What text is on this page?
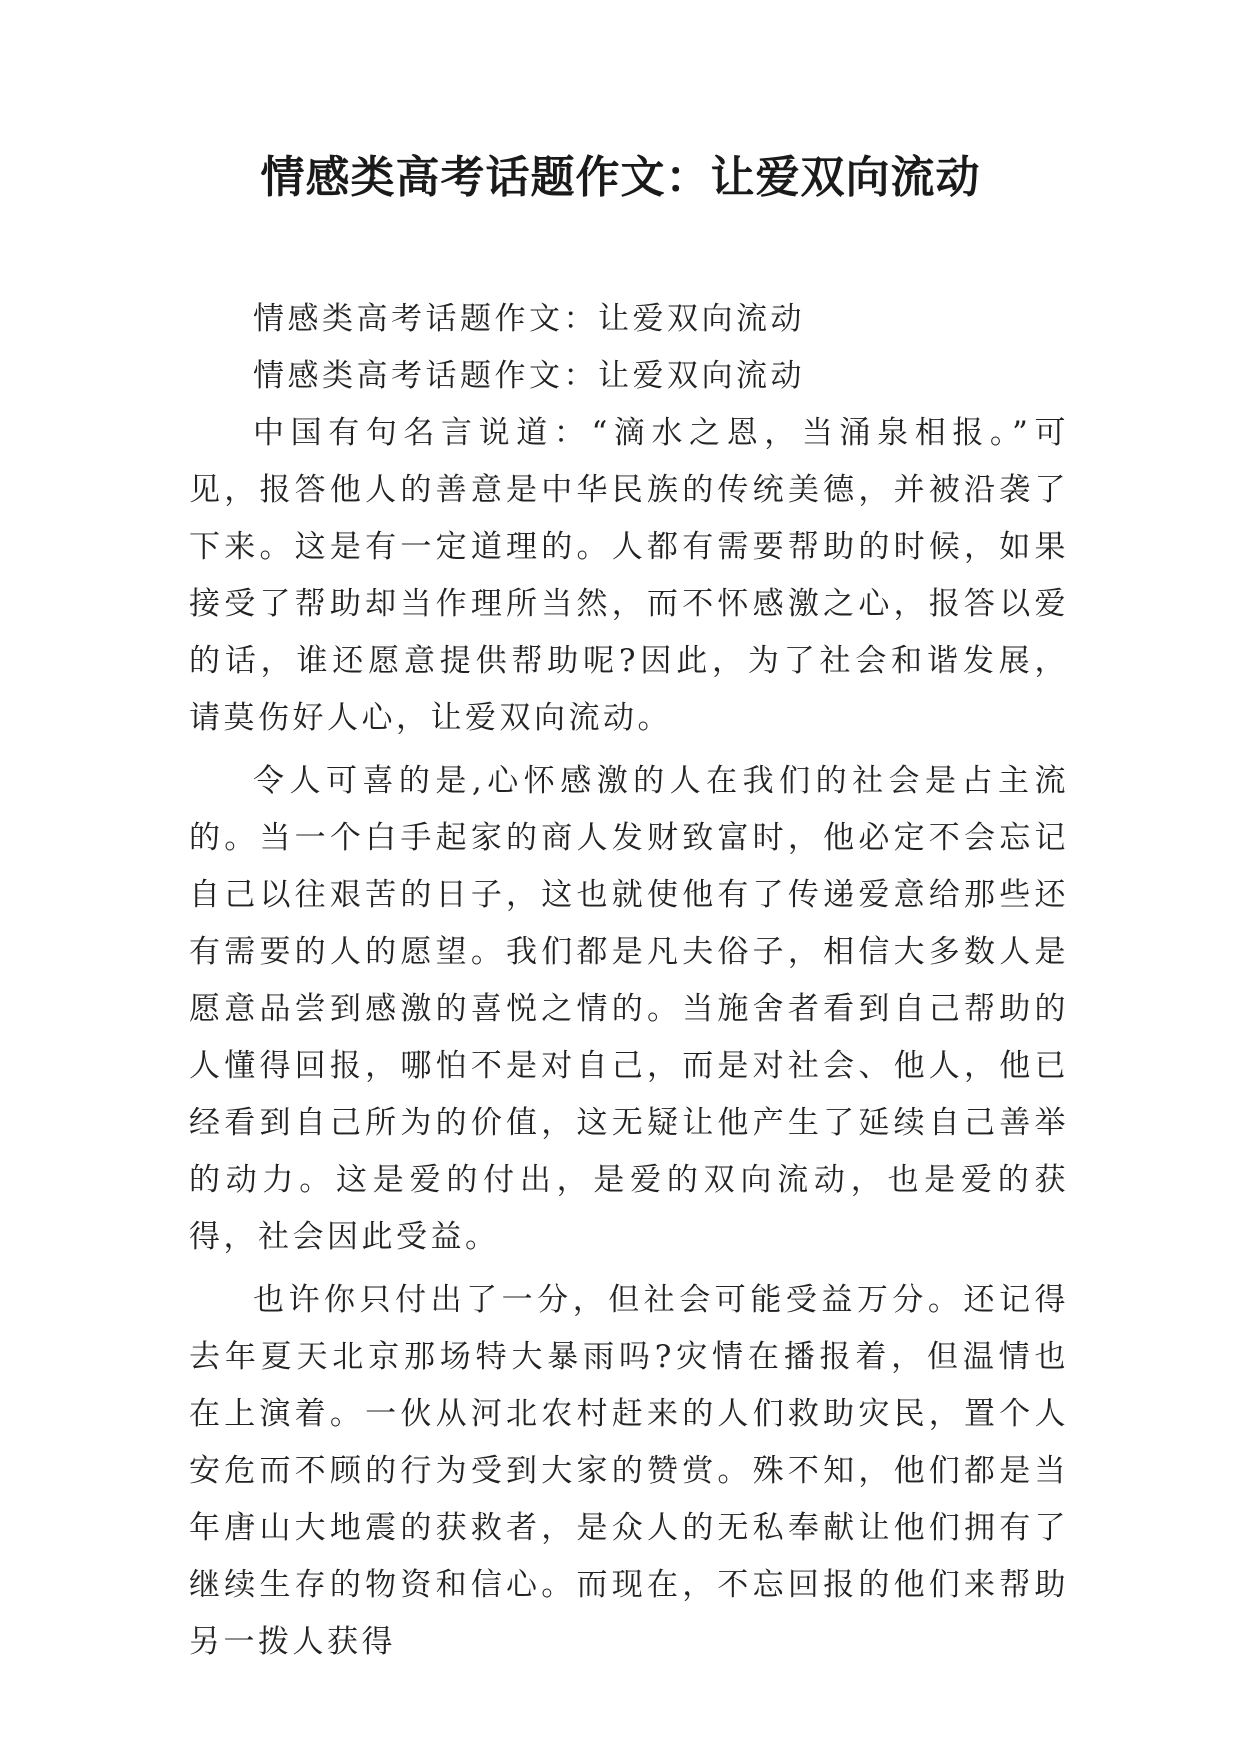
情感类高考话题作文：让爱双向流动

情感类高考话题作文：让爱双向流动

情感类高考话题作文：让爱双向流动

中国有句名言说道：“滴水之恩，当涌泉相报。”可见，报答他人的善意是中华民族的传统美德，并被沿袭了下来。这是有一定道理的。人都有需要帮助的时候，如果接受了帮助却当作理所当然，而不怀感激之心，报答以爱的话，谁还愿意提供帮助呢?因此，为了社会和谐发展，请莫伤好人心，让爱双向流动。

令人可喜的是,心怀感激的人在我们的社会是占主流的。当一个白手起家的商人发财致富时，他必定不会忘记自己以往艰苦的日子，这也就使他有了传递爱意给那些还有需要的人的愿望。我们都是凡夫俗子，相信大多数人是愿意品尝到感激的喜悦之情的。当施舍者看到自己帮助的人懂得回报，哪怕不是对自己，而是对社会、他人，他已经看到自己所为的价值，这无疑让他产生了延续自己善举的动力。这是爱的付出，是爱的双向流动，也是爱的获得，社会因此受益。

也许你只付出了一分，但社会可能受益万分。还记得去年夏天北京那场特大暴雨吗?灾情在播报着，但温情也在上演着。一伙从河北农村赶来的人们救助灾民，置个人安危而不顾的行为受到大家的赞赏。殊不知，他们都是当年唐山大地震的获救者，是众人的无私奉献让他们拥有了继续生存的物资和信心。而现在，不忘回报的他们来帮助另一拨人获得
